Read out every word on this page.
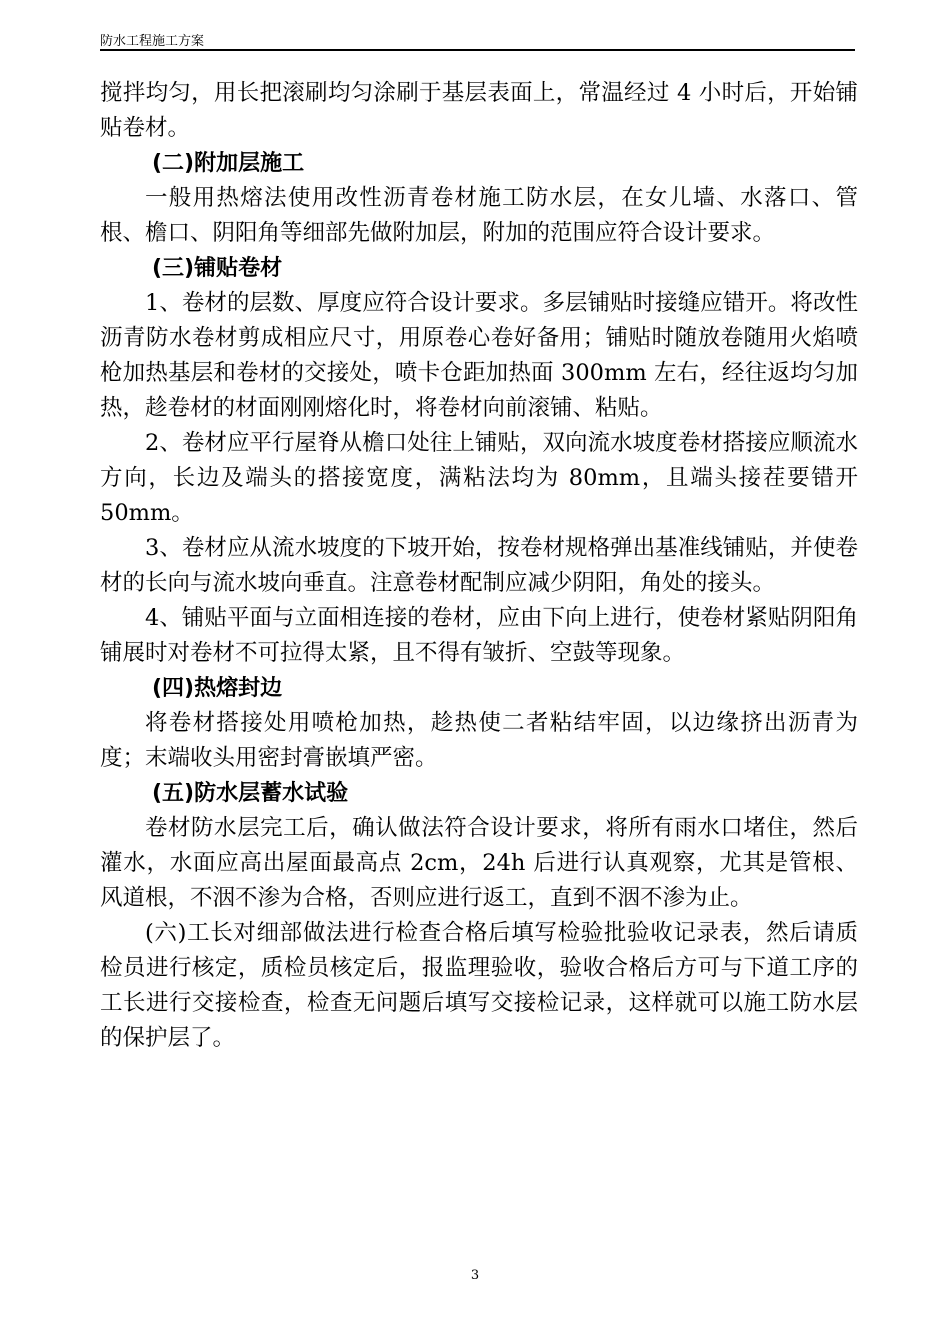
防水工程施工方案

搅拌均匀，用长把滚刷均匀涂刷于基层表面上，常温经过 4 小时后，开始铺贴卷材。

(二)附加层施工

一般用热熔法使用改性沥青卷材施工防水层，在女儿墙、水落口、管根、檐口、阴阳角等细部先做附加层，附加的范围应符合设计要求。

(三)铺贴卷材

1、卷材的层数、厚度应符合设计要求。多层铺贴时接缝应错开。将改性沥青防水卷材剪成相应尺寸，用原卷心卷好备用；铺贴时随放卷随用火焰喷枪加热基层和卷材的交接处，喷卡仓距加热面 300mm 左右，经往返均匀加热，趁卷材的材面刚刚熔化时，将卷材向前滚铺、粘贴。

2、卷材应平行屋脊从檐口处往上铺贴，双向流水坡度卷材搭接应顺流水方向，长边及端头的搭接宽度，满粘法均为 80mm，且端头接茬要错开 50mm。

3、卷材应从流水坡度的下坡开始，按卷材规格弹出基准线铺贴，并使卷材的长向与流水坡向垂直。注意卷材配制应减少阴阳，角处的接头。

4、铺贴平面与立面相连接的卷材，应由下向上进行，使卷材紧贴阴阳角铺展时对卷材不可拉得太紧，且不得有皱折、空鼓等现象。

(四)热熔封边

将卷材搭接处用喷枪加热，趁热使二者粘结牢固，以边缘挤出沥青为度；末端收头用密封膏嵌填严密。

(五)防水层蓄水试验

卷材防水层完工后，确认做法符合设计要求，将所有雨水口堵住，然后灌水，水面应高出屋面最高点 2cm，24h 后进行认真观察，尤其是管根、风道根，不洇不渗为合格，否则应进行返工，直到不洇不渗为止。

(六)工长对细部做法进行检查合格后填写检验批验收记录表，然后请质检员进行核定，质检员核定后，报监理验收，验收合格后方可与下道工序的工长进行交接检查，检查无问题后填写交接检记录，这样就可以施工防水层的保护层了。

3
